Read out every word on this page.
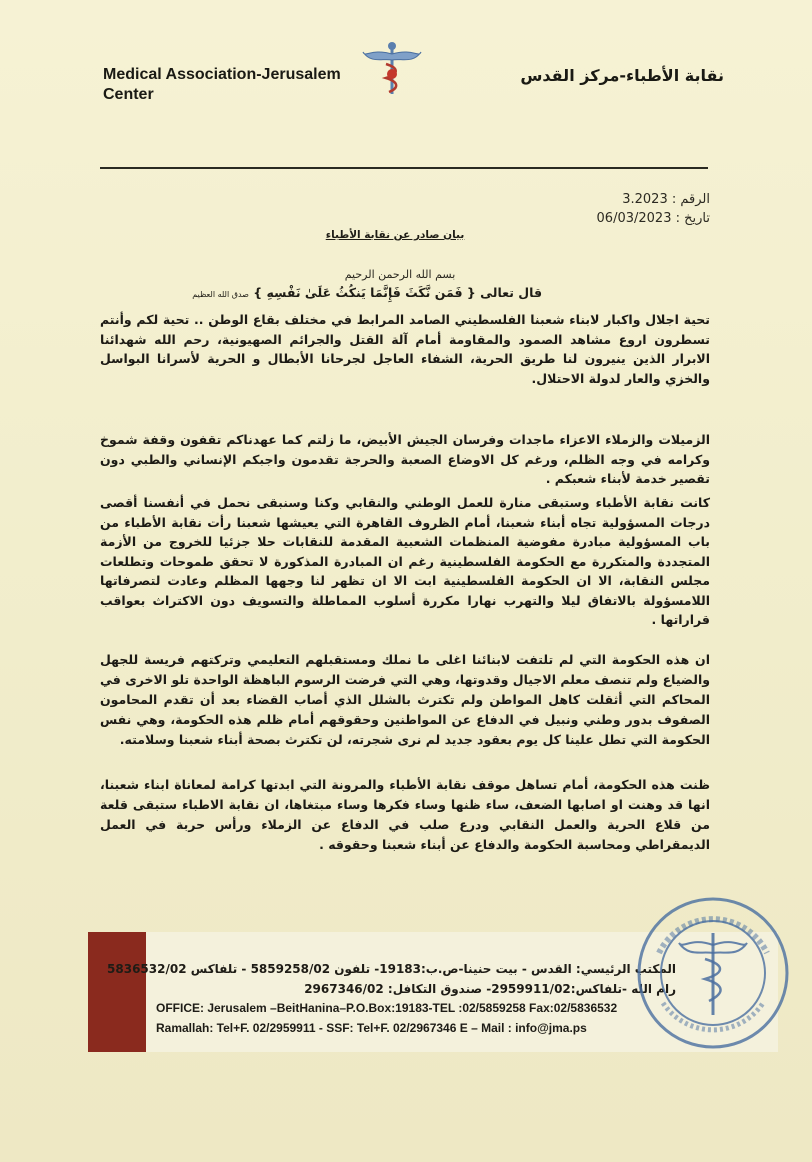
Medical Association-Jerusalem
Center
نقابة الأطباء-مركز القدس
الرقم : 3.2023
تاريخ : 06/03/2023
بيان صادر عن نقابة الأطباء
بسم الله الرحمن الرحيم
قال تعالى { فَمَن نَّكَثَ فَإِنَّمَا يَنكُثُ عَلَىٰ نَفْسِهِ } صدق الله العظيم
تحية اجلال واكبار لابناء شعبنا الفلسطيني الصامد المرابط في مختلف بقاع الوطن .. تحية لكم وأنتم تسطرون اروع مشاهد الصمود والمقاومة أمام آلة القتل والجرائم الصهيونية، رحم الله شهدائنا الابرار الذين ينيرون لنا طريق الحرية، الشفاء العاجل لجرحانا الأبطال و الحرية لأسرانا البواسل والخزي والعار لدولة الاحتلال.
الزميلات والزملاء الاعزاء ماجدات وفرسان الجيش الأبيض، ما زلتم كما عهدناكم تقفون وقفة شموخ وكرامه في وجه الظلم، ورغم كل الاوضاع الصعبة والحرجة تقدمون واجبكم الإنساني والطبي دون تقصير خدمة لأبناء شعبكم .
كانت نقابة الأطباء وستبقى منارة للعمل الوطني والنقابي وكنا وسنبقى نحمل في أنفسنا أقصى درجات المسؤولية تجاه أبناء شعبنا، أمام الظروف القاهرة التي يعيشها شعبنا رأت نقابة الأطباء من باب المسؤولية مبادرة مفوضية المنظمات الشعبية المقدمة للنقابات حلا جزئيا للخروج من الأزمة المتجددة والمتكررة مع الحكومة الفلسطينية رغم ان المبادرة المذكورة لا تحقق طموحات وتطلعات مجلس النقابة، الا ان الحكومة الفلسطينية ابت الا ان تظهر لنا وجهها المظلم وعادت لتصرفاتها اللامسؤولة بالاتفاق ليلا والتهرب نهارا مكررة أسلوب المماطلة والتسويف دون الاكتراث بعواقب قراراتها .
ان هذه الحكومة التي لم تلتفت لابنائنا اغلى ما نملك ومستقبلهم التعليمي وتركتهم فريسة للجهل والضياع ولم تنصف معلم الاجيال وقدوتها، وهي التي فرضت الرسوم الباهظة الواحدة تلو الاخرى في المحاكم التي أثقلت كاهل المواطن ولم تكترث بالشلل الذي أصاب القضاء بعد أن تقدم المحامون الصفوف بدور وطني ونبيل في الدفاع عن المواطنين وحقوقهم أمام ظلم هذه الحكومة، وهي نفس الحكومة التي تطل علينا كل يوم بعقود جديد لم نرى شجرته، لن تكترث بصحة أبناء شعبنا وسلامته.
ظنت هذه الحكومة، أمام تساهل موقف نقابة الأطباء والمرونة التي ابدتها كرامة لمعاناة ابناء شعبنا، انها قد وهنت او اصابها الضعف، ساء ظنها وساء فكرها وساء مبتغاها، ان نقابة الاطباء ستبقى قلعة من قلاع الحرية والعمل النقابي ودرع صلب في الدفاع عن الزملاء ورأس حربة في العمل الديمقراطي ومحاسبة الحكومة والدفاع عن أبناء شعبنا وحقوقه .
المكتب الرئيسي: القدس - بيت حنينا-ص.ب:19183- تلفون 5859258/02 - تلفاكس 5836532/02
رام الله -تلفاكس:2959911/02- صندوق التكافل: 2967346/02
OFFICE: Jerusalem –BeitHanina–P.O.Box:19183-TEL :02/5859258 Fax:02/5836532
Ramallah: Tel+F. 02/2959911 - SSF: Tel+F. 02/2967346 E – Mail : info@jma.ps
